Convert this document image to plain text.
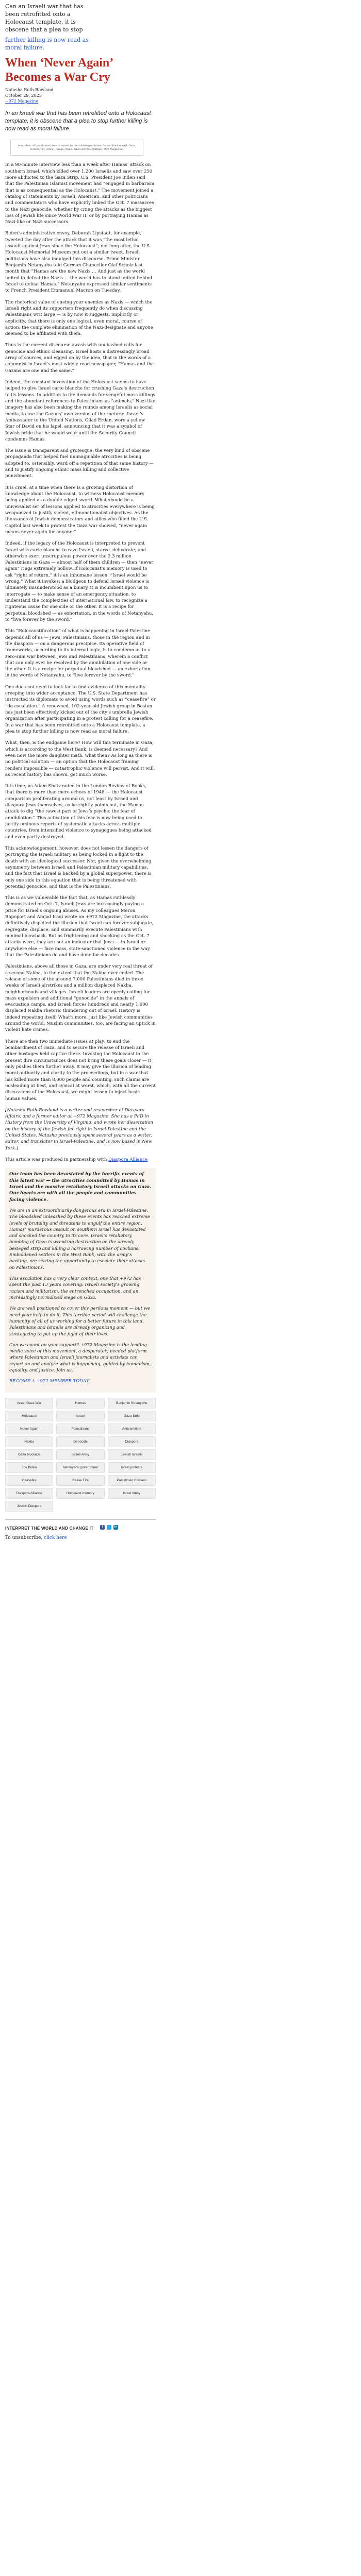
Can an Israeli war that has been retrofitted onto a Holocaust template, it is obscene that a plea to stop

further killing is now read as moral failure.

When ‘Never Again’ Becomes a War Cry
Natasha Roth-Rowland
October 29, 2025
+972 Magazine
In an Israeli war that has been retrofitted onto a Holocaust template, it is obscene that a plea to stop further killing is now read as moral failure.
A survivor of Israeli airstrikes returned to their destroyed home. Israeli border with Gaza, October 21, 2025. (Image credit: Oren Ziv/ActiveStills/+972 Magazine)

In a 90-minute interview less than a week after Hamas’ attack on southern Israel, which killed over 1,200 Israelis and saw over 250 more abducted to the Gaza Strip, U.S. President Joe Biden said that the Palestinian Islamist movement had “engaged in barbarism that is as consequential as the Holocaust.” The movement joined a catalog of statements by Israeli, American, and other politicians and commentators who have explicitly linked the Oct. 7 massacres to the Nazi genocide, whether by citing the attacks as the biggest loss of Jewish life since World War II, or by portraying Hamas as Nazi-like or Nazi successors.

Biden’s administrative envoy, Deborah Lipstadt, for example, tweeted the day after the attack that it was “the most lethal assault against Jews since the Holocaust”; not long after, the U.S. Holocaust Memorial Museum put out a similar tweet. Israeli politicians have also indulged this discourse. Prime Minister Benjamin Netanyahu told German Chancellor Olaf Scholz last month that “Hamas are the new Nazis … And just as the world united to defeat the Nazis … the world has to stand united behind Israel to defeat Hamas.” Netanyahu expressed similar sentiments to French President Emmanuel Macron on Tuesday.

The rhetorical value of cueing your enemies as Nazis — which the Israeli right and its supporters frequently do when discussing Palestinians writ large — is by now it suggests, implicitly or explicitly, that there is only one logical, even moral, course of action: the complete elimination of the Nazi-designate and anyone deemed to be affiliated with them.

Thus is the current discourse awash with unabashed calls for genocide and ethnic cleansing. Israel hosts a distressingly broad array of sources, and egged on by the idea, that in the words of a columnist in Israel’s most widely-read newspaper, “Hamas and the Gazans are one and the same.”

Indeed, the constant invocation of the Holocaust seems to have helped to give Israel carte blanche for crushing Gaza’s destruction to its lessons. In addition to the demands for vengeful mass killings and the abundant references to Palestinians as “animals,” Nazi-like imagery has also been making the rounds among Israelis as social media, to use the Gazans’ own version of the rhetoric. Israel’s Ambassador to the United Nations, Gilad Erdan, wore a yellow Star of David on his lapel, announcing that it was a symbol of Jewish pride that he would wear until the Security Council condemns Hamas.

The issue is transparent and grotesque: the very kind of obscene propaganda that helped fuel unimaginable atrocities is being adopted to, ostensibly, ward off a repetition of that same history — and to justify ongoing ethnic mass killing and collective punishment.

It is cruel, at a time when there is a growing distortion of knowledge about the Holocaust, to witness Holocaust memory being applied as a double-edged sword. What should be a universalist set of lessons applied to atrocities everywhere is being weaponized to justify violent, ethnonationalist objectives. As the thousands of Jewish demonstrators and allies who filled the U.S. Capitol last week to protest the Gaza war showed, “never again means never again for anyone.”

Indeed, if the legacy of the Holocaust is interpreted to prevent Israel with carte blanche to raze Israeli, starve, dehydrate, and otherwise exert unscrupulous power over the 2.3 million Palestinians in Gaza — almost half of them children — then “never again” rings extremely hollow. If Holocaust’s memory is used to ask “right of return,” it is an inhumane lesson: “Israel would be wrong.” What it invokes: a bludgeon to defend Israeli violence is ultimately misunderstood as a binary, it is incumbent upon us to interrogate — to make sense of an emergency situation, to understand the complexities of international law, to recognize a righteous cause for one side or the other. It is a recipe for perpetual bloodshed — as exhortation, in the words of Netanyahu, to “live forever by the sword.”

This “Holocaustification” of what is happening in Israel-Palestine depends all of us — Jews, Palestinians, those in the region and in the diaspora — on a dangerous precipice. Its operative field of frameworks, according to its internal logic, is to condemn us to a zero-sum war between Jews and Palestinians, wherein a conflict that can only ever be resolved by the annihilation of one side or the other. It is a recipe for perpetual bloodshed — an exhortation, in the words of Netanyahu, to “live forever by the sword.”

One does not need to look far to find evidence of this mentality creeping into wider acceptance. The U.S. State Department has instructed its diplomats to avoid using words such as “ceasefire” or “de-escalation.” A renowned, 102-year-old Jewish group in Boston has just been effectively kicked out of the city’s umbrella Jewish organization after participating in a protest calling for a ceasefire. In a war that has been retrofitted onto a Holocaust template, a plea to stop further killing is now read as moral failure.

What, then, is the endgame here? How will this terminate in Gaza, which is according to the West Bank, is deemed necessary? And even now the more daughter math, what then? As long as there is no political solution — an option that the Holocaust framing renders impossible — catastrophic violence will persist. And it will, as recent history has shown, get much worse.

It is time, as Adam Shatz noted in the London Review of Books, that there is more than mere echoes of 1948 — the Holocaust comparison proliferating around us, not least by Israeli and diaspora Jews themselves, as he rightly points out, the Hamas attack to dig “the rawest part of Jews’s psyche: the fear of annihilation.” This activation of this fear is now being used to justify ominous reports of systematic attacks across multiple countries, from intensified violence to synagogues being attacked and even partly destroyed.

This acknowledgement, however, does not lessen the dangers of portraying the Israeli military as being locked in a fight to the death with an ideological successor. Nor, given the overwhelming asymmetry between Israeli and Palestinian military capabilities, and the fact that Israel is backed by a global superpower, there is only one side in this equation that is being threatened with potential genocide, and that is the Palestinians.

This is as we vulnerable the fact that, as Hamas ruthlessly demonstrated on Oct. 7, Israeli Jews are increasingly paying a price for Israel’s ongoing abuses. As my colleagues Meron Rapoport and Amjad Iraqi wrote on +972 Magazine, the attacks definitively dispelled the illusion that Israel can forever subjugate, segregate, displace, and summarily execute Palestinians with minimal blowback. But as frightening and shocking as the Oct. 7 attacks were, they are not an indicator that Jews — in Israel or anywhere else — face mass, state-sanctioned violence in the way that the Palestinians do and have done for decades.

Palestinians, above all those in Gaza, are under very real threat of a second Nakba, to the extent that the Nakba ever ended. The release of some of the around 7,000 Palestinians died in three weeks of Israeli airstrikes and a million displaced Nakba, neighborhoods and villages. Israeli leaders are openly calling for mass expulsion and additional “genocide” in the annals of evacuation camps, and Israeli forces hundreds and nearly 1,000 displaced Nakba rhetoric thundering out of Israel. History is indeed repeating itself. What’s more, just like Jewish communities around the world, Muslim communities, too, are facing an uptick in violent hate crimes.

There are then two immediate issues at play: to end the bombardment of Gaza, and to secure the release of Israeli and other hostages held captive there. Invoking the Holocaust in the present dire circumstances does not bring these goals closer — it only pushes them further away. It may give the illusion of lending moral authority and clarity to the proceedings, but in a war that has killed more than 8,000 people and counting, such claims are misleading at best, and cynical at worst, which, with all the current discussions of the Holocaust, we might lessen to inject basic human values.

[Natasha Roth-Rowland is a writer and researcher of Diaspora Affairs, and a former editor at +972 Magazine. She has a PhD in History from the University of Virginia, and wrote her dissertation on the history of the Jewish far-right in Israel-Palestine and the United States. Natasha previously spent several years as a writer, editor, and translator in Israel-Palestine, and is now based in New York.]

This article was produced in partnership with Diaspora Alliance

Our team has been devastated by the horrific events of this latest war — the atrocities committed by Hamas in Israel and the massive retaliatory Israeli attacks on Gaza. Our hearts are with all the people and communities facing violence.

We are in an extraordinarily dangerous era in Israel-Palestine. The bloodshed unleashed by these events has reached extreme levels of brutality and threatens to engulf the entire region. Hamas’ murderous assault on southern Israel has devastated and shocked the country to its core. Israel’s retaliatory bombing of Gaza is wreaking destruction on the already besieged strip and killing a harrowing number of civilians. Emboldened settlers in the West Bank, with the army’s backing, are seizing the opportunity to escalate their attacks on Palestinians.

This escalation has a very clear context, one that +972 has spent the past 13 years covering: Israeli society’s growing racism and militarism, the entrenched occupation, and an increasingly normalized siege on Gaza.

We are well positioned to cover this perilous moment — but we need your help to do it. This terrible period will challenge the humanity of all of us working for a better future in this land. Palestinians and Israelis are already organizing and strategizing to put up the fight of their lives.

Can we count on your support? +972 Magazine is the leading media voice of this movement, a desperately needed platform where Palestinian and Israeli journalists and activists can report on and analyze what is happening, guided by humanism, equality, and justice. Join us.

BECOME A +972 MEMBER TODAY

Israel-Gaza War	Hamas	Benjamin Netanyahu
Holocaust	Israel	Gaza Strip
Never Again	Palestinians	Antisemitism
Nakba	Genocide	Diaspora
Gaza blockade	Israeli Army	Jewish Israelis
Joe Biden	Netanyahu government	Israel protests
Ceasefire	Cease Fire	Palestinian Civilians
Diaspora Alliance	Holocaust memory	Israel lobby
Jewish Diaspora
INTERPRET THE WORLD AND CHANGE IT	f	t	in
To unsubscribe, click here
